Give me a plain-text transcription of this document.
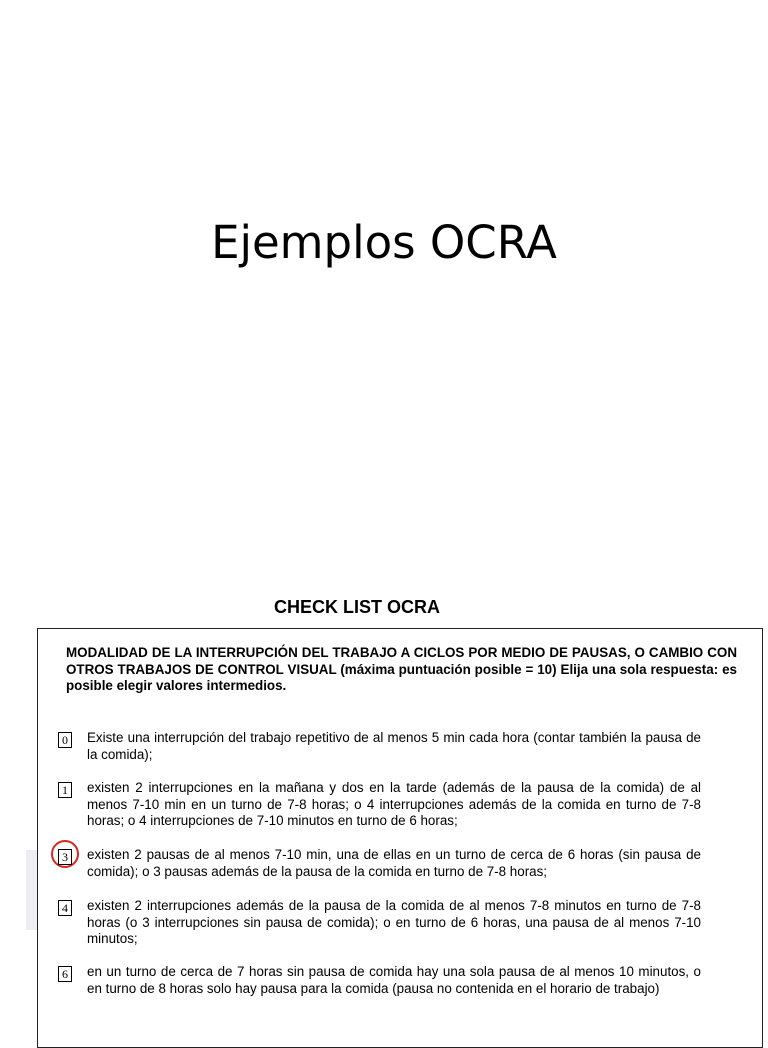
Ejemplos OCRA
CHECK LIST OCRA
MODALIDAD DE LA INTERRUPCIÓN DEL TRABAJO A CICLOS POR MEDIO DE PAUSAS, O CAMBIO CON OTROS TRABAJOS DE CONTROL VISUAL (máxima puntuación posible = 10) Elija una sola respuesta: es posible elegir valores intermedios.
0 Existe una interrupción del trabajo repetitivo de al menos 5 min cada hora (contar también la pausa de la comida);
1 existen 2 interrupciones en la mañana y dos en la tarde (además de la pausa de la comida) de al menos 7-10 min en un turno de 7-8 horas; o 4 interrupciones además de la comida en turno de 7-8 horas; o 4 interrupciones de 7-10 minutos en turno de 6 horas;
3 existen 2 pausas de al menos 7-10 min, una de ellas en un turno de cerca de 6 horas (sin pausa de comida); o 3 pausas además de la pausa de la comida en turno de 7-8 horas;
4 existen 2 interrupciones además de la pausa de la comida de al menos 7-8 minutos en turno de 7-8 horas (o 3 interrupciones sin pausa de comida); o en turno de 6 horas, una pausa de al menos 7-10 minutos;
6 en un turno de cerca de 7 horas sin pausa de comida hay una sola pausa de al menos 10 minutos, o en turno de 8 horas solo hay pausa para la comida (pausa no contenida en el horario de trabajo)
